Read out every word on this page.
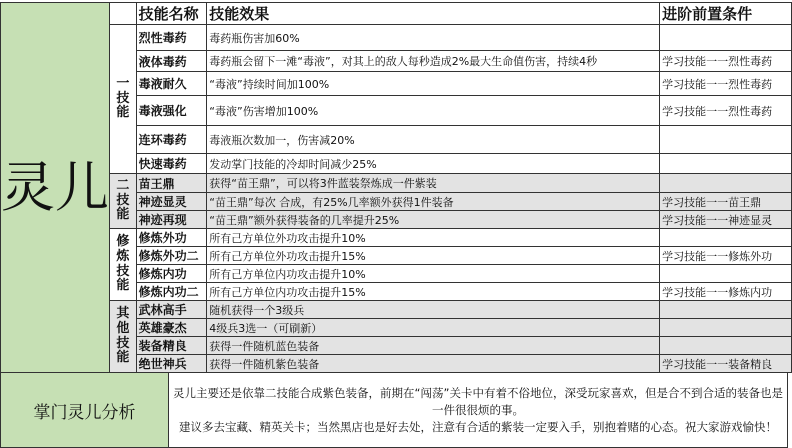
灵儿		技能名称	技能效果	进阶前置条件
	一技能	烈性毒药	毒药瓶伤害加60%	
		液体毒药	毒药瓶会留下一滩“毒液”，对其上的敌人每秒造成2%最大生命值伤害，持续4秒	学习技能一一烈性毒药
		毒液耐久	“毒液”持续时间加100%	学习技能一一烈性毒药
		毒液强化	“毒液”伤害增加100%	学习技能一一烈性毒药
		连环毒药	毒液瓶次数加一，伤害减20%	
		快速毒药	发动掌门技能的冷却时间减少25%	
	二技能	苗王鼎	获得“苗王鼎”，可以将3件蓝装祭炼成一件紫装	
		神迹显灵	“苗王鼎”每次 合成，有25%几率额外获得1件装备	学习技能一一苗王鼎
		神迹再现	“苗王鼎”额外获得装备的几率提升25%	学习技能一一神迹显灵
	修炼技能	修炼外功	所有己方单位外功攻击提升10%	
		修炼外功二	所有己方单位外功攻击提升15%	学习技能一一修炼外功
		修炼内功	所有己方单位内功攻击提升10%	
		修炼内功二	所有己方单位内功攻击提升15%	学习技能一一修炼内功
	其他技能	武林高手	随机获得一个3级兵	
		英雄豪杰	4级兵3选一（可刷新）	
		装备精良	获得一件随机蓝色装备	
		绝世神兵	获得一件随机紫色装备	学习技能一一装备精良
掌门灵儿分析	
灵儿主要还是依靠二技能合成紫色装备，前期在“闯荡”关卡中有着不俗地位，深受玩家喜欢，但是合不到合适的装备也是一件很很烦的事。
建议多去宝藏、精英关卡；当然黑店也是好去处，注意有合适的紫装一定要入手，别抱着赌的心态。祝大家游戏愉快！
